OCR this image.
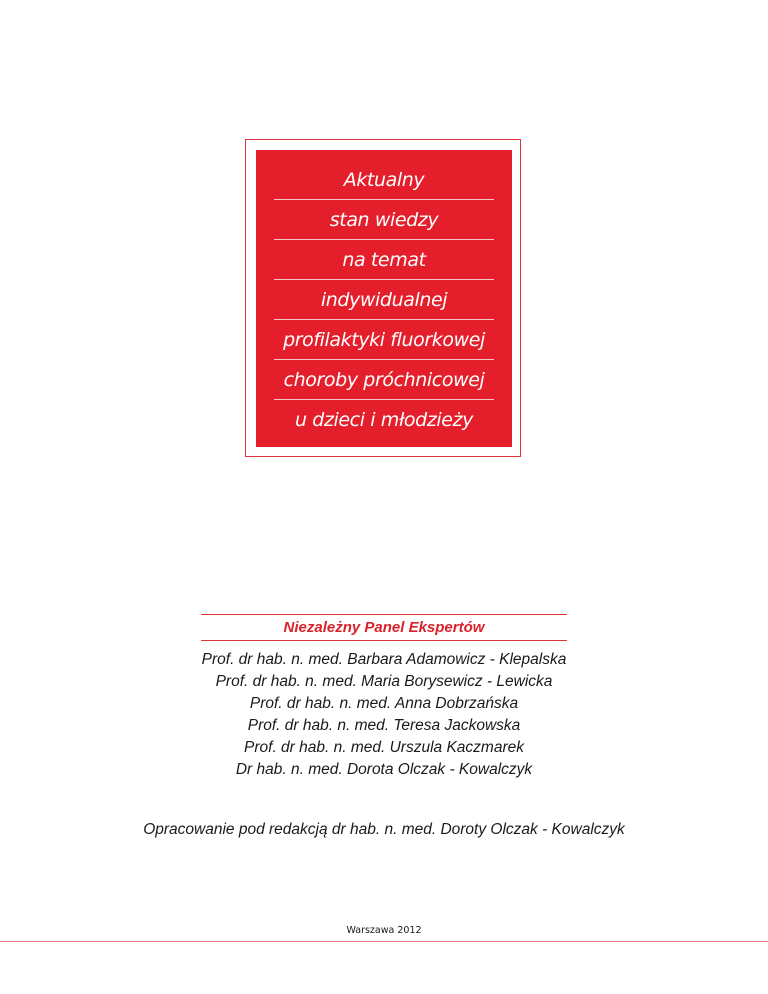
Aktualny
stan wiedzy
na temat
indywidualnej
profilaktyki fluorkowej
choroby próchnicowej
u dzieci i młodzieży
Niezależny Panel Ekspertów
Prof. dr hab. n. med. Barbara Adamowicz - Klepalska
Prof. dr hab. n. med. Maria Borysewicz - Lewicka
Prof. dr hab. n. med. Anna Dobrzańska
Prof. dr hab. n. med. Teresa Jackowska
Prof. dr hab. n. med. Urszula Kaczmarek
Dr hab. n. med. Dorota Olczak - Kowalczyk
Opracowanie pod redakcją dr hab. n. med. Doroty Olczak - Kowalczyk
Warszawa 2012
